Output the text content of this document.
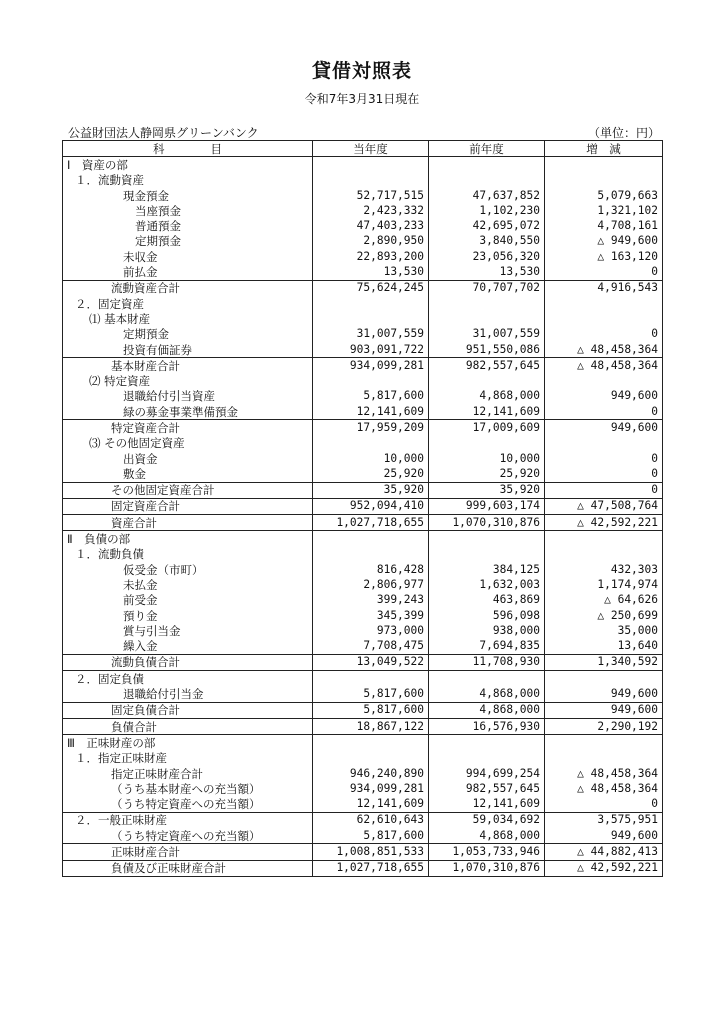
貸借対照表
令和7年3月31日現在
公益財団法人静岡県グリーンバンク	（単位：円）
科　　　　目	当年度	前年度	増　減
Ⅰ　資産の部			
１．流動資産			
現金預金	52,717,515	47,637,852	5,079,663
当座預金	2,423,332	1,102,230	1,321,102
普通預金	47,403,233	42,695,072	4,708,161
定期預金	2,890,950	3,840,550	△ 949,600
未収金	22,893,200	23,056,320	△ 163,120
前払金	13,530	13,530	0
流動資産合計	75,624,245	70,707,702	4,916,543
２．固定資産			
⑴ 基本財産			
定期預金	31,007,559	31,007,559	0
投資有価証券	903,091,722	951,550,086	△ 48,458,364
基本財産合計	934,099,281	982,557,645	△ 48,458,364
⑵ 特定資産			
退職給付引当資産	5,817,600	4,868,000	949,600
緑の募金事業準備預金	12,141,609	12,141,609	0
特定資産合計	17,959,209	17,009,609	949,600
⑶ その他固定資産			
出資金	10,000	10,000	0
敷金	25,920	25,920	0
その他固定資産合計	35,920	35,920	0
固定資産合計	952,094,410	999,603,174	△ 47,508,764
資産合計	1,027,718,655	1,070,310,876	△ 42,592,221
Ⅱ　負債の部			
１．流動負債			
仮受金（市町）	816,428	384,125	432,303
未払金	2,806,977	1,632,003	1,174,974
前受金	399,243	463,869	△ 64,626
預り金	345,399	596,098	△ 250,699
賞与引当金	973,000	938,000	35,000
繰入金	7,708,475	7,694,835	13,640
流動負債合計	13,049,522	11,708,930	1,340,592
２．固定負債			
退職給付引当金	5,817,600	4,868,000	949,600
固定負債合計	5,817,600	4,868,000	949,600
負債合計	18,867,122	16,576,930	2,290,192
Ⅲ　正味財産の部			
１．指定正味財産			
指定正味財産合計	946,240,890	994,699,254	△ 48,458,364
（うち基本財産への充当額）	934,099,281	982,557,645	△ 48,458,364
（うち特定資産への充当額）	12,141,609	12,141,609	0
２．一般正味財産	62,610,643	59,034,692	3,575,951
（うち特定資産への充当額）	5,817,600	4,868,000	949,600
正味財産合計	1,008,851,533	1,053,733,946	△ 44,882,413
負債及び正味財産合計	1,027,718,655	1,070,310,876	△ 42,592,221
